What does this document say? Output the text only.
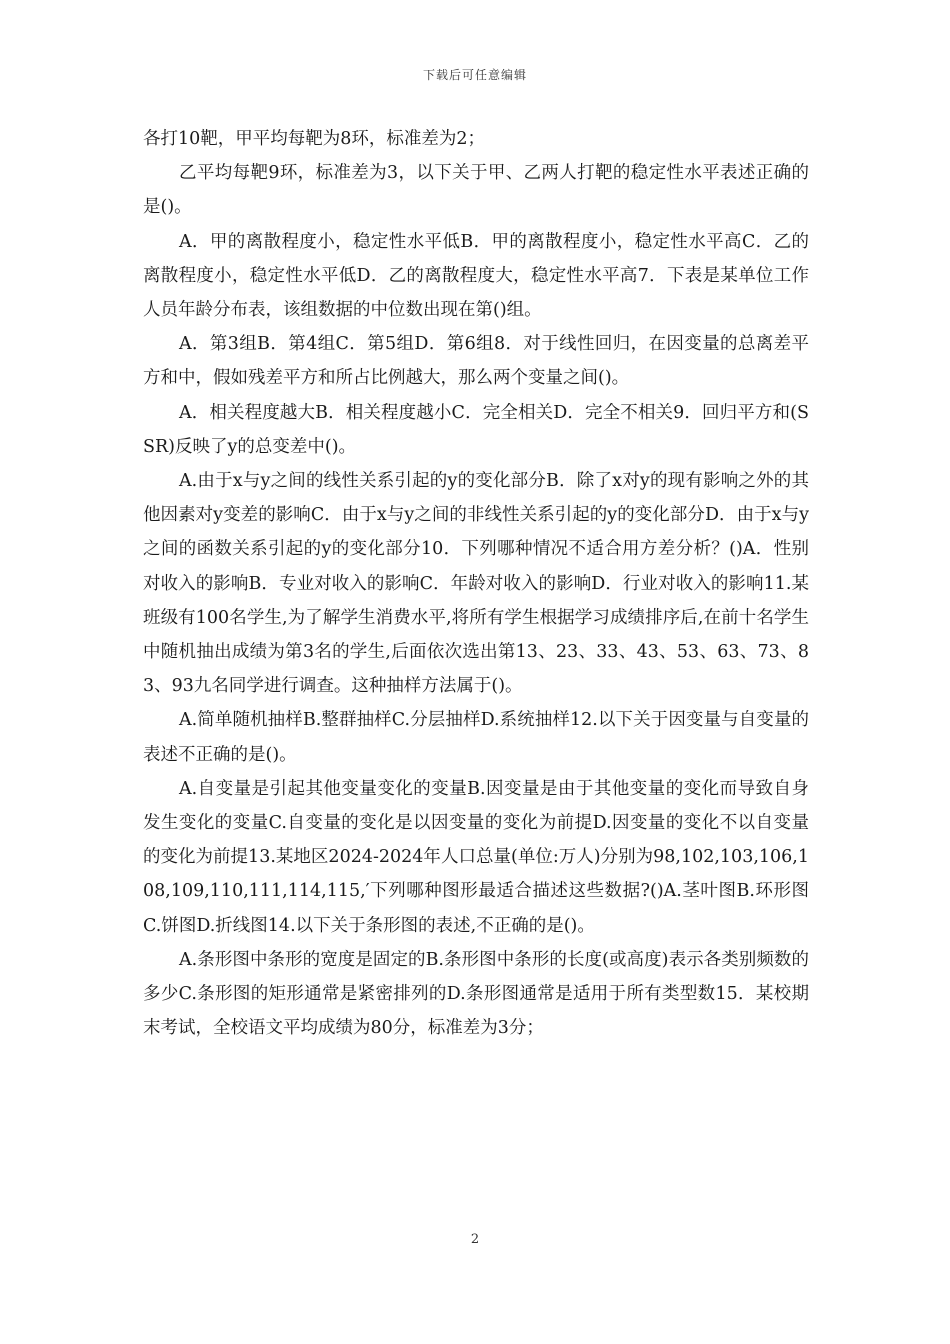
下载后可任意编辑

各打10靶，甲平均每靶为8环，标准差为2；

乙平均每靶9环，标准差为3，以下关于甲、乙两人打靶的稳定性水平表述正确的是()。

A．甲的离散程度小，稳定性水平低B．甲的离散程度小，稳定性水平高C．乙的离散程度小，稳定性水平低D．乙的离散程度大，稳定性水平高7．下表是某单位工作人员年龄分布表，该组数据的中位数出现在第()组。

A．第3组B．第4组C．第5组D．第6组8．对于线性回归，在因变量的总离差平方和中，假如残差平方和所占比例越大，那么两个变量之间()。

A．相关程度越大B．相关程度越小C．完全相关D．完全不相关9．回归平方和(SSR)反映了y的总变差中()。

A.由于x与y之间的线性关系引起的y的变化部分B．除了x对y的现有影响之外的其他因素对y变差的影响C．由于x与y之间的非线性关系引起的y的变化部分D．由于x与y之间的函数关系引起的y的变化部分10．下列哪种情况不适合用方差分析？()A．性别对收入的影响B．专业对收入的影响C．年龄对收入的影响D．行业对收入的影响11.某班级有100名学生,为了解学生消费水平,将所有学生根据学习成绩排序后,在前十名学生中随机抽出成绩为第3名的学生,后面依次选出第13、23、33、43、53、63、73、83、93九名同学进行调查。这种抽样方法属于()。

A.简单随机抽样B.整群抽样C.分层抽样D.系统抽样12.以下关于因变量与自变量的表述不正确的是()。

A.自变量是引起其他变量变化的变量B.因变量是由于其他变量的变化而导致自身发生变化的变量C.自变量的变化是以因变量的变化为前提D.因变量的变化不以自变量的变化为前提13.某地区2024-2024年人口总量(单位:万人)分别为98,102,103,106,108,109,110,111,114,115,′下列哪种图形最适合描述这些数据?()A.茎叶图B.环形图C.饼图D.折线图14.以下关于条形图的表述,不正确的是()。

A.条形图中条形的宽度是固定的B.条形图中条形的长度(或高度)表示各类别频数的多少C.条形图的矩形通常是紧密排列的D.条形图通常是适用于所有类型数15．某校期末考试，全校语文平均成绩为80分，标准差为3分；

2
